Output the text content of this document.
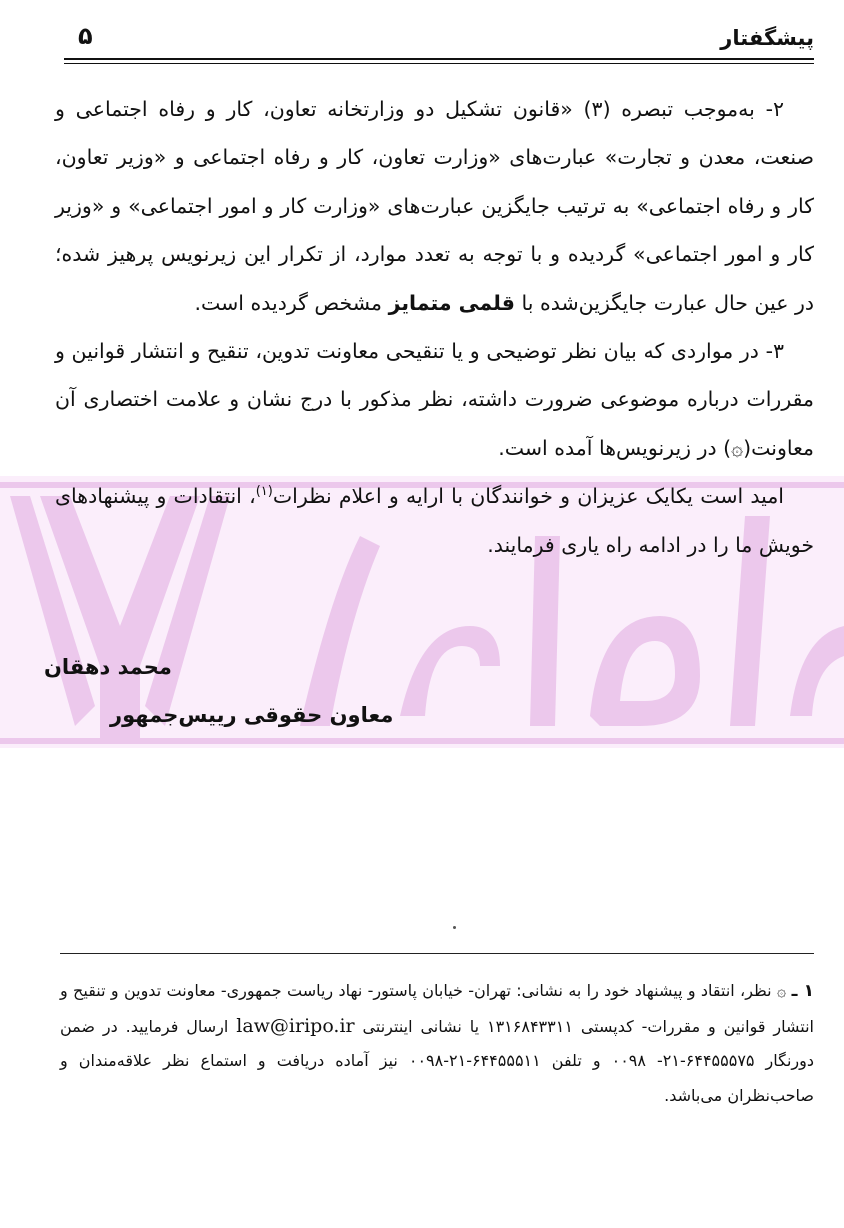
پیشگفتار
۵

۲- به‌موجب تبصره (۳) «قانون تشکیل دو وزارتخانه تعاون، کار و رفاه اجتماعی و صنعت، معدن و تجارت» عبارت‌های «وزارت تعاون، کار و رفاه اجتماعی و «وزیر تعاون، کار و رفاه اجتماعی» به ترتیب جایگزین عبارت‌های «وزارت کار و امور اجتماعی» و «وزیر کار و امور اجتماعی» گردیده و با توجه به تعدد موارد، از تکرار این زیرنویس پرهیز شده؛ در عین حال عبارت جایگزین‌شده با قلمی متمایز مشخص گردیده است.

۳- در مواردی که بیان نظر توضیحی و یا تنقیحی معاونت تدوین، تنقیح و انتشار قوانین و مقررات درباره موضوعی ضرورت داشته، نظر مذکور با درج نشان و علامت اختصاری آن معاونت(۞) در زیرنویس‌ها آمده است.

امید است یکایک عزیزان و خوانندگان با ارایه و اعلام نظرات$^{(۱)}$، انتقادات و پیشنهادهای خویش ما را در ادامه راه یاری فرمایند.

محمد دهقان
معاون حقوقی رییس‌جمهور
۱ ـ ۞ نظر، انتقاد و پیشنهاد خود را به نشانی: تهران- خیابان پاستور- نهاد ریاست جمهوری- معاونت تدوین و تنقیح و انتشار قوانین و مقررات- کدپستی ۱۳۱۶۸۴۳۳۱۱ یا نشانی اینترنتی law@iripo.ir ارسال فرمایید. در ضمن دورنگار ۶۴۴۵۵۵۷۵-۲۱- ۰۰۹۸ و تلفن ۶۴۴۵۵۵۱۱-۲۱-۰۰۹۸ نیز آماده دریافت و استماع نظر علاقه‌مندان و صاحب‌نظران می‌باشد.
